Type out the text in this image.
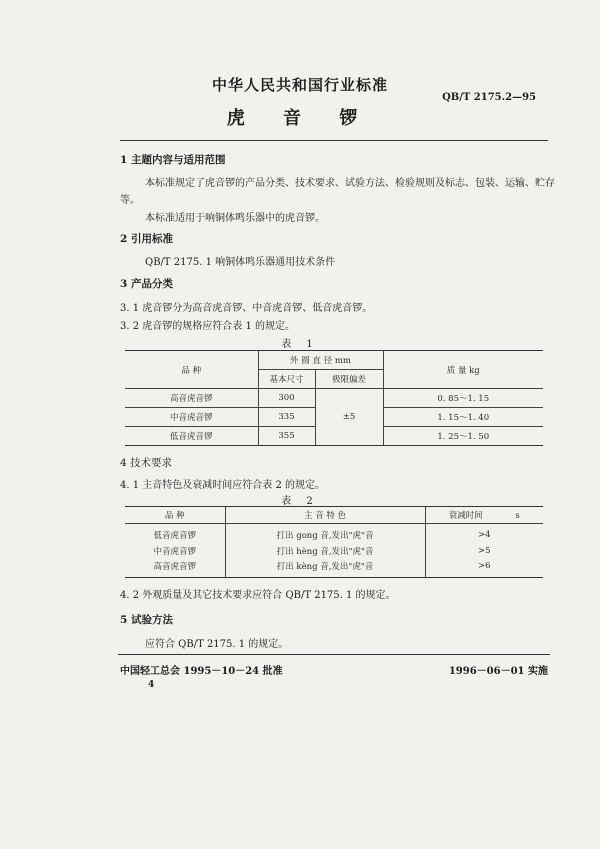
中华人民共和国行业标准
QB/T 2175.2—95
虎 音 锣
1 主题内容与适用范围
本标准规定了虎音锣的产品分类、技术要求、试验方法、检验规则及标志、包装、运输、贮存
等。
本标准适用于响铜体鸣乐器中的虎音锣。
2 引用标准
QB/T 2175. 1 响铜体鸣乐器通用技术条件
3 产品分类
3. 1 虎音锣分为高音虎音锣、中音虎音锣、低音虎音锣。
3. 2 虎音锣的规格应符合表 1 的规定。
表 1
品 种	外 圆 直 径 mm		质 量 kg
	基本尺寸	极限偏差	
高音虎音锣	300	±5	0. 85～1. 15
中音虎音锣	335		1. 15～1. 40
低音虎音锣	355		1. 25～1. 50
4 技术要求
4. 1 主音特色及衰减时间应符合表 2 的规定。
表 2
品 种	主 音 特 色	衰减时间 s
低音虎音锣	打出 gong 音,发出"虎"音	>4
中音虎音锣	打出 hèng 音,发出"虎"音	>5
高音虎音锣	打出 kèng 音,发出"虎"音	>6
4. 2 外观质量及其它技术要求应符合 QB/T 2175. 1 的规定。
5 试验方法
应符合 QB/T 2175. 1 的规定。
中国轻工总会 1995－10－24 批准	1996－06－01 实施
4
